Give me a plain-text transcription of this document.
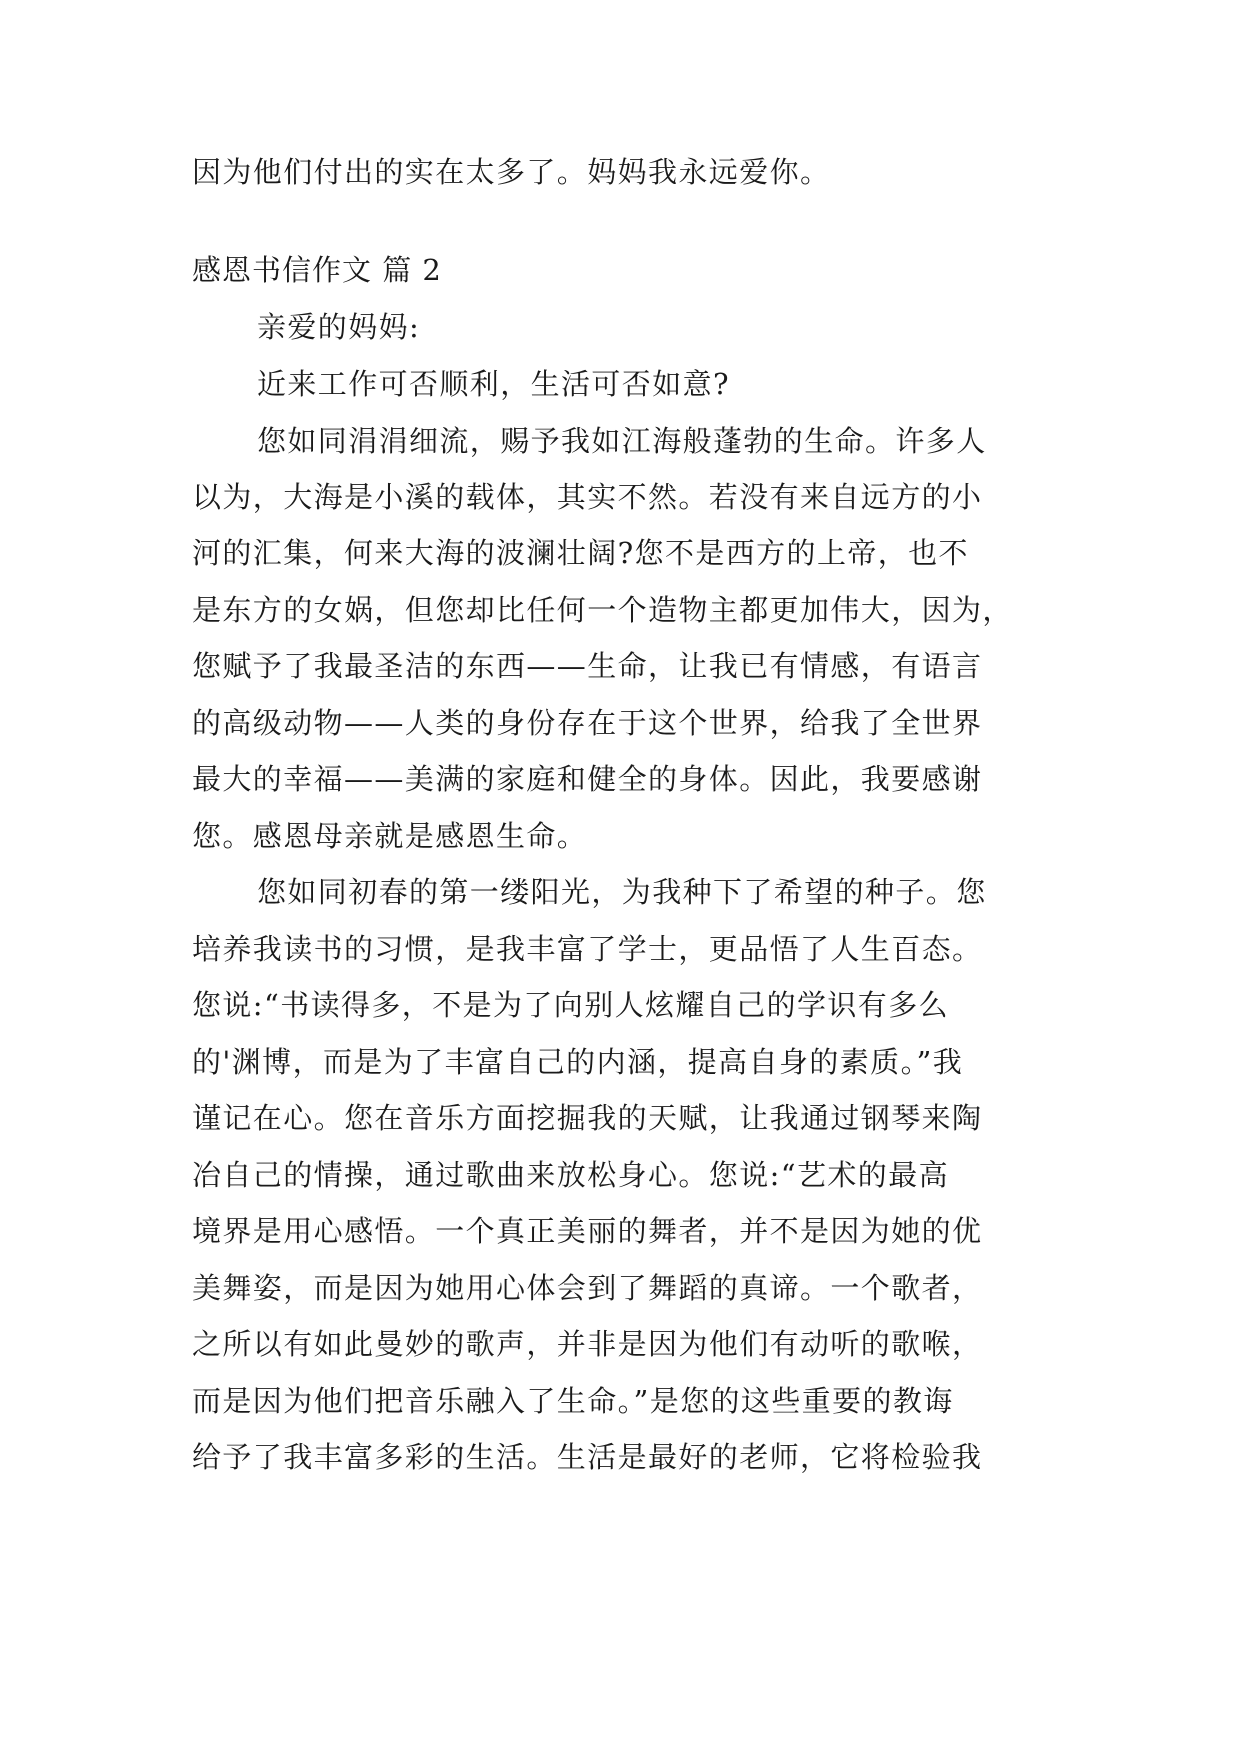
因为他们付出的实在太多了。妈妈我永远爱你。
感恩书信作文 篇 2
亲爱的妈妈:
近来工作可否顺利，生活可否如意?
您如同涓涓细流，赐予我如江海般蓬勃的生命。许多人
以为，大海是小溪的载体，其实不然。若没有来自远方的小
河的汇集，何来大海的波澜壮阔?您不是西方的上帝，也不
是东方的女娲，但您却比任何一个造物主都更加伟大，因为，
您赋予了我最圣洁的东西——生命，让我已有情感，有语言
的高级动物——人类的身份存在于这个世界，给我了全世界
最大的幸福——美满的家庭和健全的身体。因此，我要感谢
您。感恩母亲就是感恩生命。
您如同初春的第一缕阳光，为我种下了希望的种子。您
培养我读书的习惯，是我丰富了学士，更品悟了人生百态。
您说:“书读得多，不是为了向别人炫耀自己的学识有多么
的'渊博，而是为了丰富自己的内涵，提高自身的素质。”我
谨记在心。您在音乐方面挖掘我的天赋，让我通过钢琴来陶
冶自己的情操，通过歌曲来放松身心。您说:“艺术的最高
境界是用心感悟。一个真正美丽的舞者，并不是因为她的优
美舞姿，而是因为她用心体会到了舞蹈的真谛。一个歌者，
之所以有如此曼妙的歌声，并非是因为他们有动听的歌喉，
而是因为他们把音乐融入了生命。”是您的这些重要的教诲
给予了我丰富多彩的生活。生活是最好的老师，它将检验我
